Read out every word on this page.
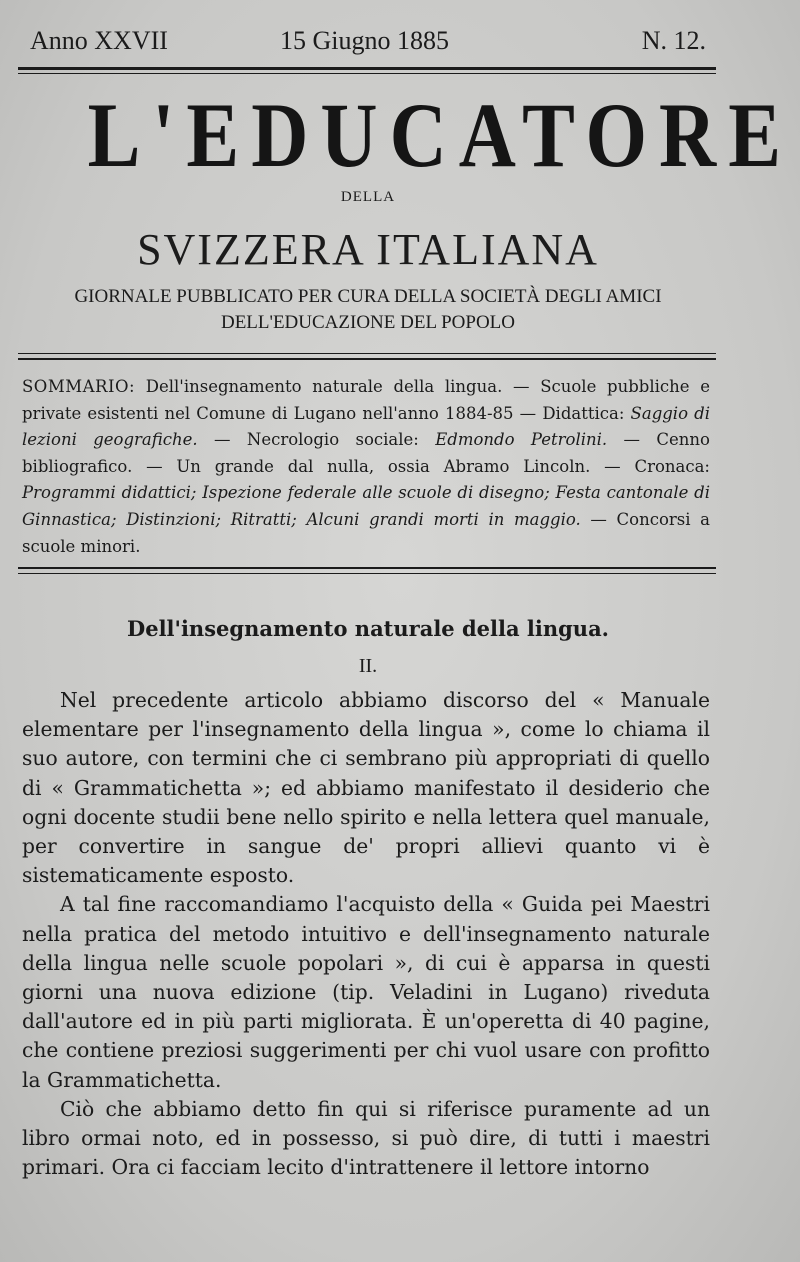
Anno XXVII	15 Giugno 1885	N. 12.
L'EDUCATORE
DELLA
SVIZZERA ITALIANA
GIORNALE PUBBLICATO PER CURA DELLA SOCIETÀ DEGLI AMICI
DELL'EDUCAZIONE DEL POPOLO
SOMMARIO: Dell'insegnamento naturale della lingua. — Scuole pubbliche e private esistenti nel Comune di Lugano nell'anno 1884-85 — Didattica: Saggio di lezioni geografiche. — Necrologio sociale: Edmondo Petrolini. — Cenno bibliografico. — Un grande dal nulla, ossia Abramo Lincoln. — Cronaca: Programmi didattici; Ispezione federale alle scuole di disegno; Festa cantonale di Ginnastica; Distinzioni; Ritratti; Alcuni grandi morti in maggio. — Concorsi a scuole minori.
Dell'insegnamento naturale della lingua.
II.

Nel precedente articolo abbiamo discorso del « Manuale elementare per l'insegnamento della lingua », come lo chiama il suo autore, con termini che ci sembrano più appropriati di quello di « Grammatichetta »; ed abbiamo manifestato il desiderio che ogni docente studii bene nello spirito e nella lettera quel manuale, per convertire in sangue de' propri allievi quanto vi è sistematicamente esposto.

A tal fine raccomandiamo l'acquisto della « Guida pei Maestri nella pratica del metodo intuitivo e dell'insegnamento naturale della lingua nelle scuole popolari », di cui è apparsa in questi giorni una nuova edizione (tip. Veladini in Lugano) riveduta dall'autore ed in più parti migliorata. È un'operetta di 40 pagine, che contiene preziosi suggerimenti per chi vuol usare con profitto la Grammatichetta.

Ciò che abbiamo detto fin qui si riferisce puramente ad un libro ormai noto, ed in possesso, si può dire, di tutti i maestri primari. Ora ci facciam lecito d'intrattenere il lettore intorno
